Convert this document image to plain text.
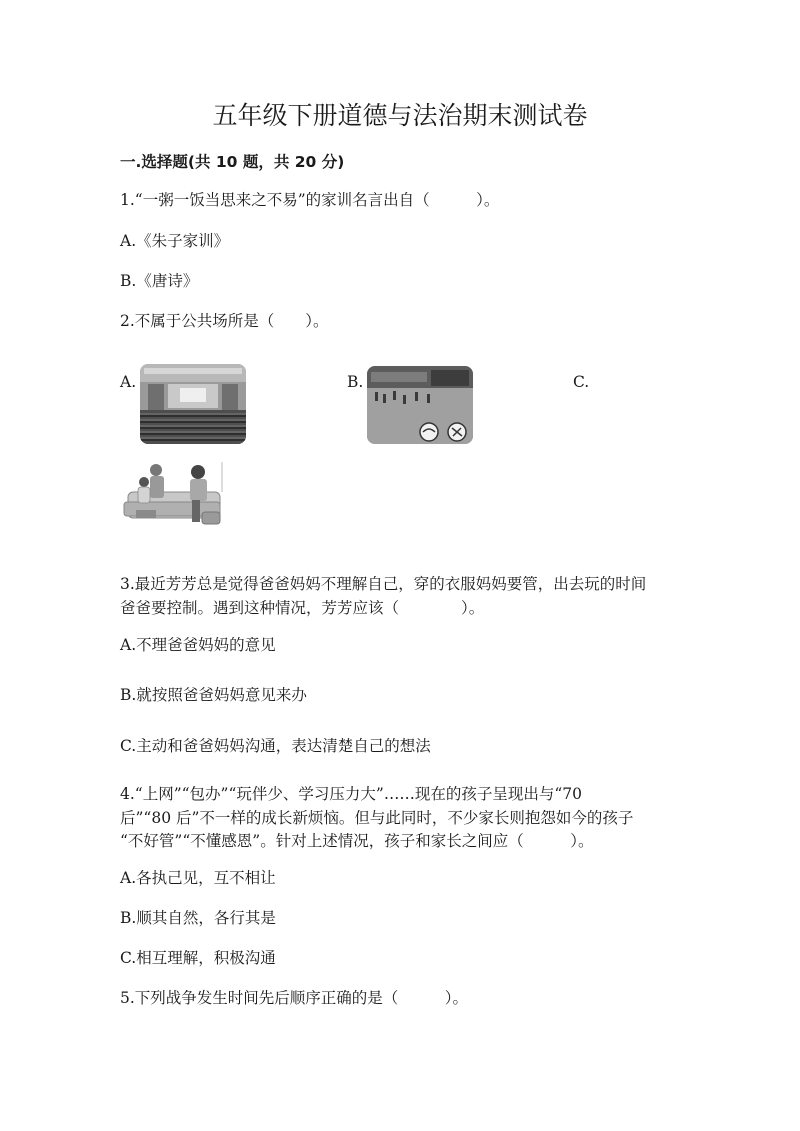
五年级下册道德与法治期末测试卷
一.选择题(共 10 题，共 20 分)
1.“一粥一饭当思来之不易”的家训名言出自（　　　）。
A.《朱子家训》
B.《唐诗》
2.不属于公共场所是（　　）。
A.	B.	C.
3.最近芳芳总是觉得爸爸妈妈不理解自己，穿的衣服妈妈要管，出去玩的时间
爸爸要控制。遇到这种情况，芳芳应该（　　　　）。
A.不理爸爸妈妈的意见
B.就按照爸爸妈妈意见来办
C.主动和爸爸妈妈沟通，表达清楚自己的想法
4.“上网”“包办”“玩伴少、学习压力大”……现在的孩子呈现出与“70
后”“80 后”不一样的成长新烦恼。但与此同时，不少家长则抱怨如今的孩子
“不好管”“不懂感恩”。针对上述情况，孩子和家长之间应（　　　）。
A.各执己见，互不相让
B.顺其自然，各行其是
C.相互理解，积极沟通
5.下列战争发生时间先后顺序正确的是（　　　）。
